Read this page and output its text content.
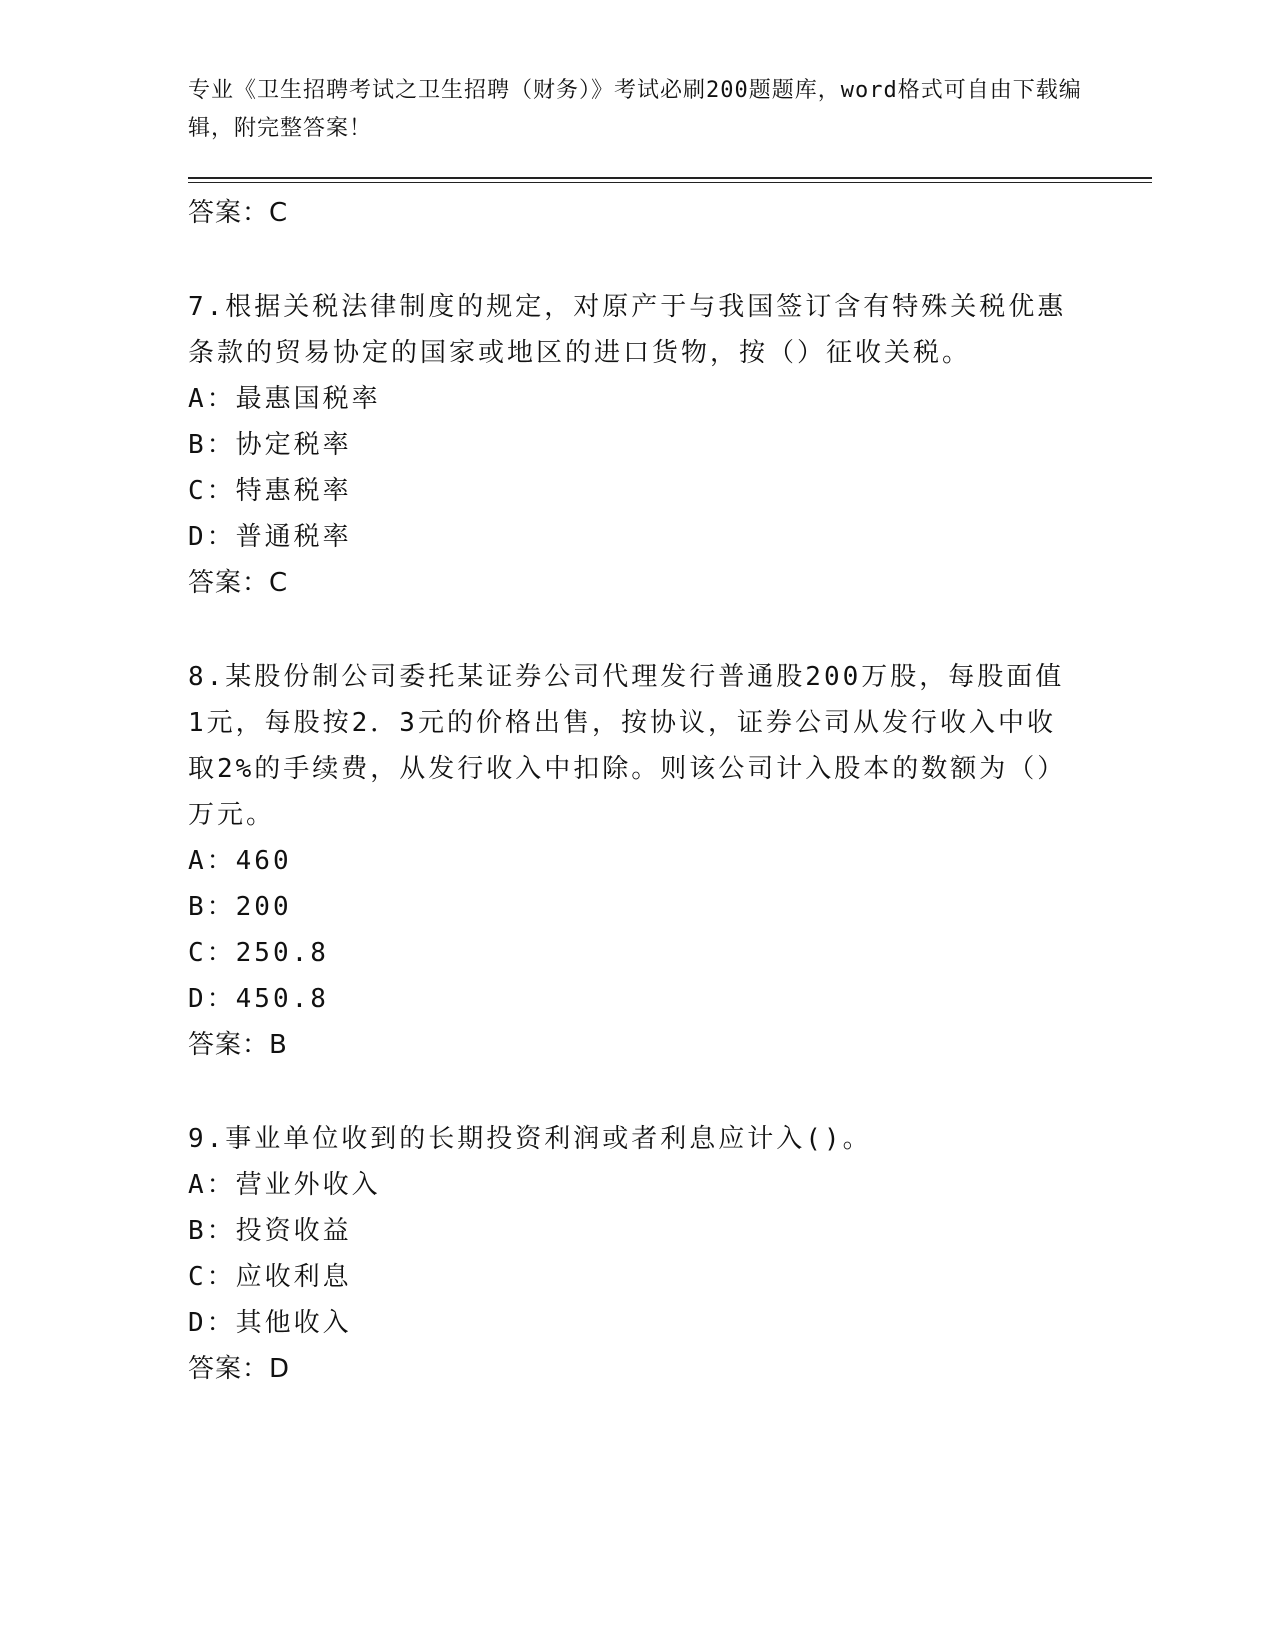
专业《卫生招聘考试之卫生招聘（财务）》考试必刷200题题库，word格式可自由下载编辑，附完整答案！
答案：C
7.根据关税法律制度的规定，对原产于与我国签订含有特殊关税优惠条款的贸易协定的国家或地区的进口货物，按（）征收关税。
A：最惠国税率
B：协定税率
C：特惠税率
D：普通税率
答案：C
8.某股份制公司委托某证券公司代理发行普通股200万股，每股面值1元，每股按2．3元的价格出售，按协议，证券公司从发行收入中收取2%的手续费，从发行收入中扣除。则该公司计入股本的数额为（）万元。
A：460
B：200
C：250.8
D：450.8
答案：B
9.事业单位收到的长期投资利润或者利息应计入()。
A：营业外收入
B：投资收益
C：应收利息
D：其他收入
答案：D
